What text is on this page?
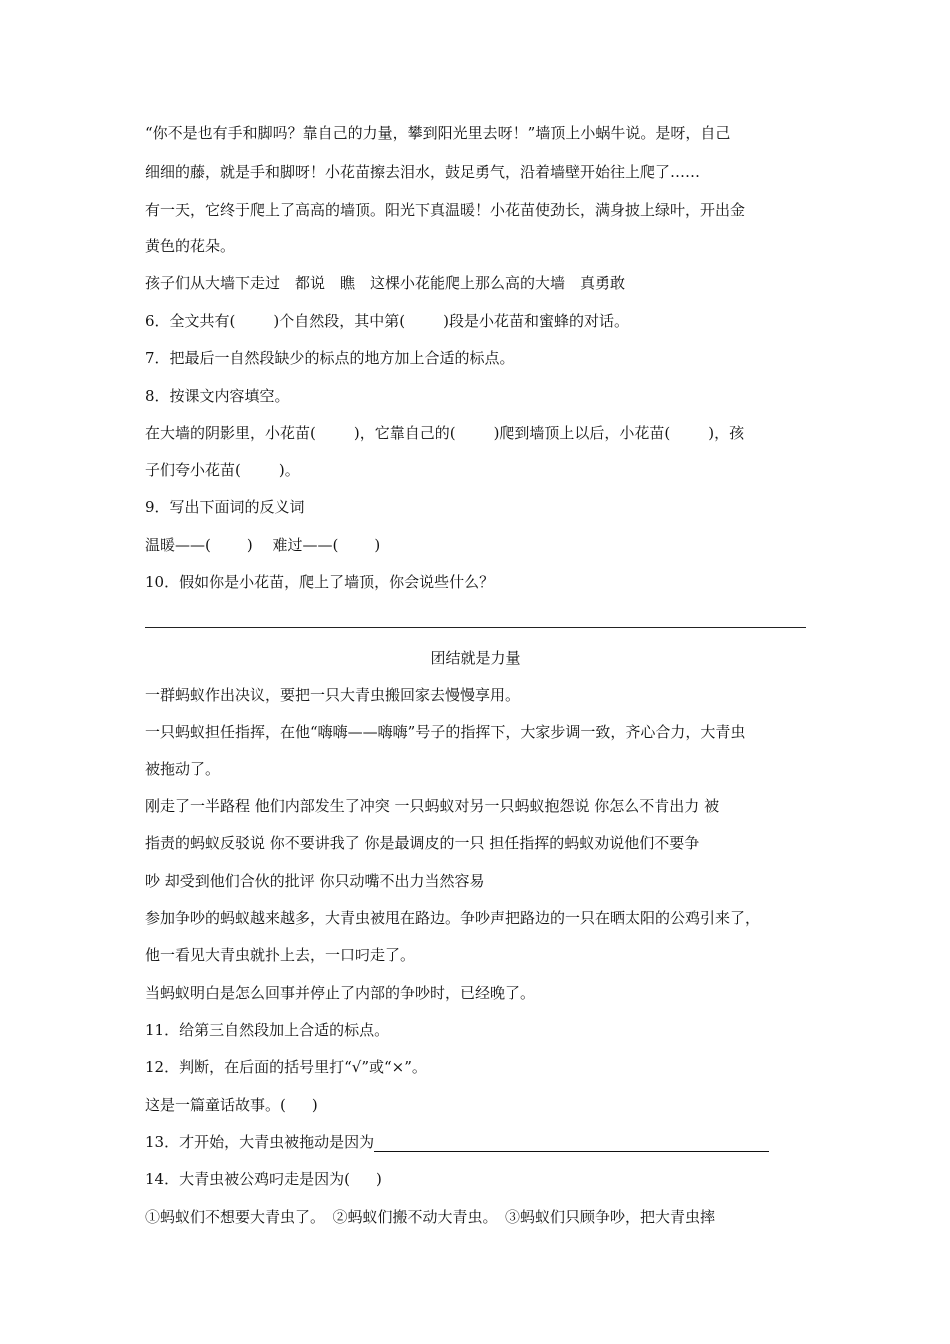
“你不是也有手和脚吗？靠自己的力量，攀到阳光里去呀！”墙顶上小蜗牛说。是呀，自己
细细的藤，就是手和脚呀！小花苗擦去泪水，鼓足勇气，沿着墙壁开始往上爬了……
有一天，它终于爬上了高高的墙顶。阳光下真温暖！小花苗使劲长，满身披上绿叶，开出金
黄色的花朵。
孩子们从大墙下走过　都说　瞧　这棵小花能爬上那么高的大墙　真勇敢
6．全文共有(	)个自然段，其中第(	)段是小花苗和蜜蜂的对话。
7．把最后一自然段缺少的标点的地方加上合适的标点。
8．按课文内容填空。
在大墙的阴影里，小花苗(	)，它靠自己的(	)爬到墙顶上以后，小花苗(	)，孩
子们夸小花苗(	)。
9．写出下面词的反义词
温暖——( )　 难过——( )
10．假如你是小花苗，爬上了墙顶，你会说些什么？
团结就是力量
一群蚂蚁作出决议，要把一只大青虫搬回家去慢慢享用。
一只蚂蚁担任指挥，在他“嗨嗨——嗨嗨”号子的指挥下，大家步调一致，齐心合力，大青虫
被拖动了。
刚走了一半路程 他们内部发生了冲突 一只蚂蚁对另一只蚂蚁抱怨说 你怎么不肯出力 被
指责的蚂蚁反驳说 你不要讲我了 你是最调皮的一只 担任指挥的蚂蚁劝说他们不要争
吵 却受到他们合伙的批评 你只动嘴不出力当然容易
参加争吵的蚂蚁越来越多，大青虫被甩在路边。争吵声把路边的一只在晒太阳的公鸡引来了，
他一看见大青虫就扑上去，一口叼走了。
当蚂蚁明白是怎么回事并停止了内部的争吵时，已经晚了。
11．给第三自然段加上合适的标点。
12．判断，在后面的括号里打“√”或“×”。
这是一篇童话故事。( )
13．才开始，大青虫被拖动是因为
14．大青虫被公鸡叼走是因为( )
①蚂蚁们不想要大青虫了。　②蚂蚁们搬不动大青虫。　③蚂蚁们只顾争吵，把大青虫摔
